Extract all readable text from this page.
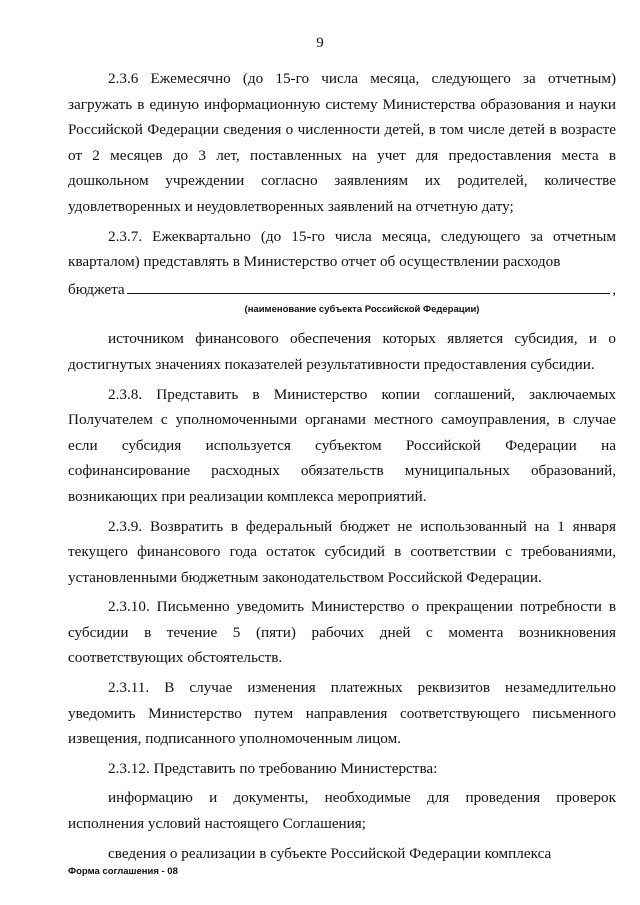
9

2.3.6 Ежемесячно (до 15-го числа месяца, следующего за отчетным) загружать в единую информационную систему Министерства образования и науки Российской Федерации сведения о численности детей, в том числе детей в возрасте от 2 месяцев до 3 лет, поставленных на учет для предоставления места в дошкольном учреждении согласно заявлениям их родителей, количестве удовлетворенных и неудовлетворенных заявлений на отчетную дату;

2.3.7. Ежеквартально (до 15-го числа месяца, следующего за отчетным кварталом) представлять в Министерство отчет об осуществлении расходов

бюджета	,
(наименование субъекта Российской Федерации)

источником финансового обеспечения которых является субсидия, и о достигнутых значениях показателей результативности предоставления субсидии.

2.3.8. Представить в Министерство копии соглашений, заключаемых Получателем с уполномоченными органами местного самоуправления, в случае если субсидия используется субъектом Российской Федерации на софинансирование расходных обязательств муниципальных образований, возникающих при реализации комплекса мероприятий.

2.3.9. Возвратить в федеральный бюджет не использованный на 1 января текущего финансового года остаток субсидий в соответствии с требованиями, установленными бюджетным законодательством Российской Федерации.

2.3.10. Письменно уведомить Министерство о прекращении потребности в субсидии в течение 5 (пяти) рабочих дней с момента возникновения соответствующих обстоятельств.

2.3.11. В случае изменения платежных реквизитов незамедлительно уведомить Министерство путем направления соответствующего письменного извещения, подписанного уполномоченным лицом.

2.3.12. Представить по требованию Министерства:

информацию и документы, необходимые для проведения проверок исполнения условий настоящего Соглашения;

сведения о реализации в субъекте Российской Федерации комплекса

Форма соглашения - 08
